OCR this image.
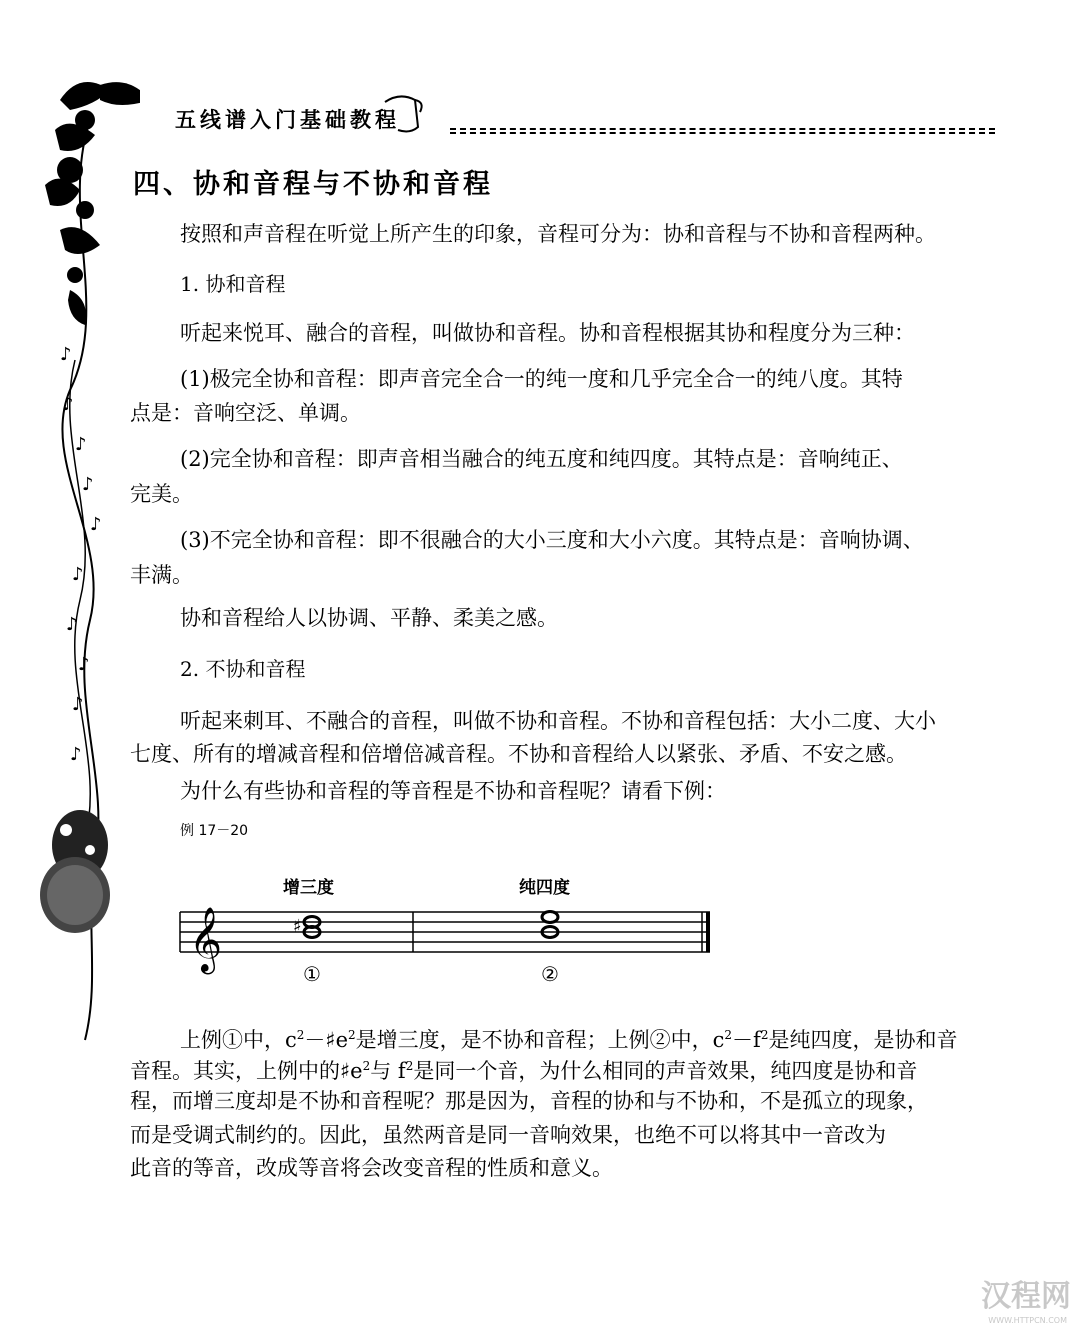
♪
♪
♪
♪
♪
♪
♪
♪
♪
♪
五线谱入门基础教程
四、协和音程与不协和音程
按照和声音程在听觉上所产生的印象，音程可分为：协和音程与不协和音程两种。
1. 协和音程
听起来悦耳、融合的音程，叫做协和音程。协和音程根据其协和程度分为三种：
(1)极完全协和音程：即声音完全合一的纯一度和几乎完全合一的纯八度。其特
点是：音响空泛、单调。
(2)完全协和音程：即声音相当融合的纯五度和纯四度。其特点是：音响纯正、
完美。
(3)不完全协和音程：即不很融合的大小三度和大小六度。其特点是：音响协调、
丰满。
协和音程给人以协调、平静、柔美之感。
2. 不协和音程
听起来刺耳、不融合的音程，叫做不协和音程。不协和音程包括：大小二度、大小
七度、所有的增减音程和倍增倍减音程。不协和音程给人以紧张、矛盾、不安之感。
为什么有些协和音程的等音程是不协和音程呢？请看下例：
例 17－20
增三度	纯四度
𝄞	♯
①	②
上例①中，$c^2-♯e^2$是增三度，是不协和音程；上例②中，$c^2-f^2$是纯四度，是协和音
音程。其实，上例中的$♯e^2$与 $f^2$是同一个音，为什么相同的声音效果，纯四度是协和音
程，而增三度却是不协和音程呢？那是因为，音程的协和与不协和，不是孤立的现象，
而是受调式制约的。因此，虽然两音是同一音响效果，也绝不可以将其中一音改为
此音的等音，改成等音将会改变音程的性质和意义。
汉程网
WWW.HTTPCN.COM
